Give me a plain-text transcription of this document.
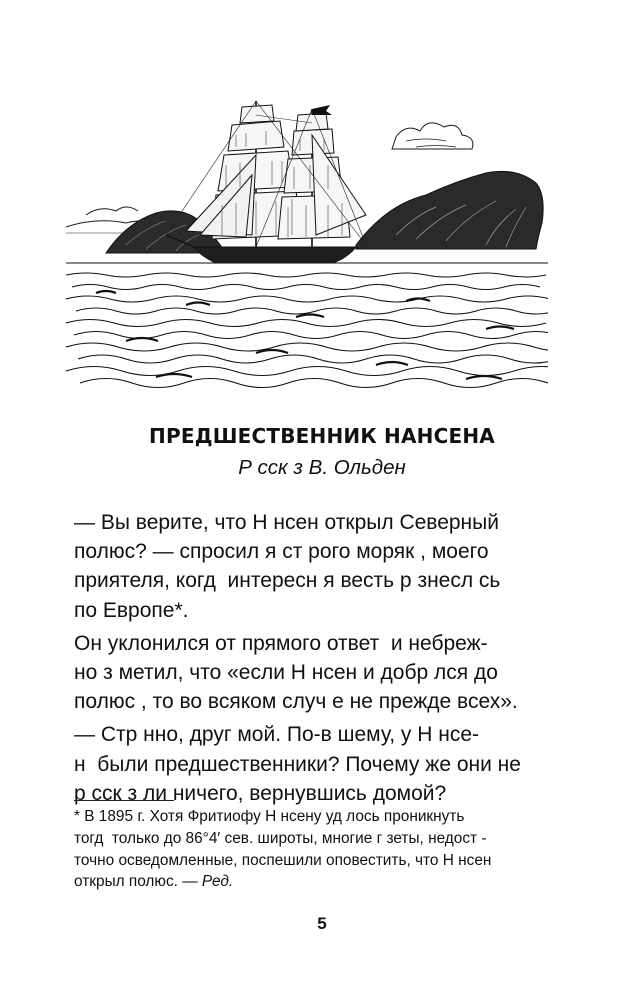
ПРЕДШЕСТВЕННИК НАНСЕНА
Р сск з В. Ольден
— Вы верите, что Н нсен открыл Северный
полюс? — спросил я ст рого моряк , моего
приятеля, когд  интересн я весть р знесл сь
по Европе*.
Он уклонился от прямого ответ  и небреж-
но з метил, что «если Н нсен и добр лся до
полюс , то во всяком случ е не прежде всех».
— Стр нно, друг мой. По-в шему, у Н нсе-
н  были предшественники? Почему же они не
р сск з ли ничего, вернувшись домой?
* В 1895 г. Хотя Фритиофу Н нсену уд лось проникнуть
тогд  только до 86°4′ сев. широты, многие г зеты, недост -
точно осведомленные, поспешили оповестить, что Н нсен
открыл полюс. — Ред.
5
